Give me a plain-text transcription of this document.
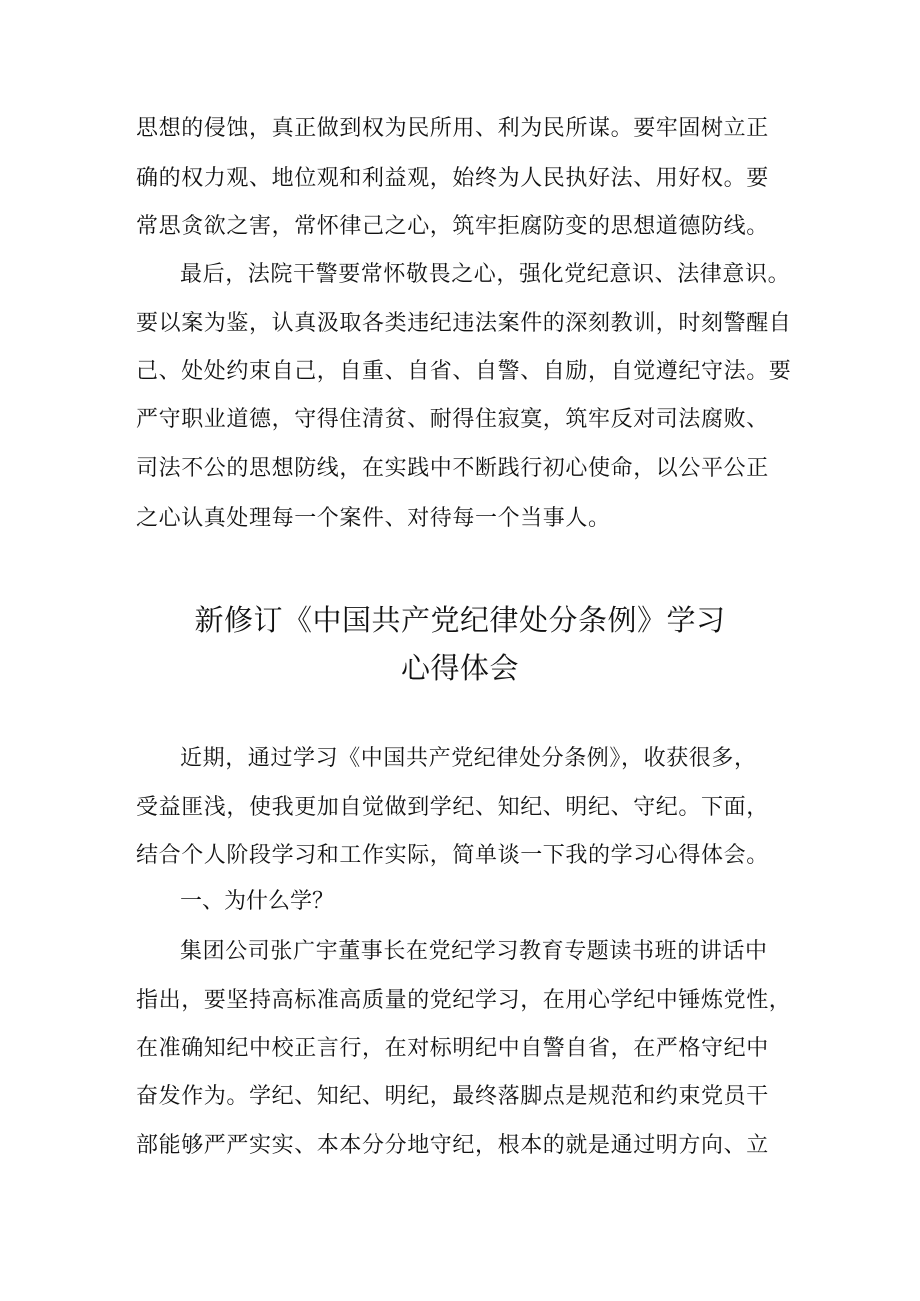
思想的侵蚀，真正做到权为民所用、利为民所谋。要牢固树立正
确的权力观、地位观和利益观，始终为人民执好法、用好权。要
常思贪欲之害，常怀律己之心，筑牢拒腐防变的思想道德防线。
最后，法院干警要常怀敬畏之心，强化党纪意识、法律意识。
要以案为鉴，认真汲取各类违纪违法案件的深刻教训，时刻警醒自
己、处处约束自己，自重、自省、自警、自励，自觉遵纪守法。要
严守职业道德，守得住清贫、耐得住寂寞，筑牢反对司法腐败、
司法不公的思想防线，在实践中不断践行初心使命，以公平公正
之心认真处理每一个案件、对待每一个当事人。
新修订《中国共产党纪律处分条例》学习
心得体会
近期，通过学习《中国共产党纪律处分条例》，收获很多，
受益匪浅，使我更加自觉做到学纪、知纪、明纪、守纪。下面，
结合个人阶段学习和工作实际，简单谈一下我的学习心得体会。
一、为什么学？
集团公司张广宇董事长在党纪学习教育专题读书班的讲话中
指出，要坚持高标准高质量的党纪学习，在用心学纪中锤炼党性，
在准确知纪中校正言行，在对标明纪中自警自省，在严格守纪中
奋发作为。学纪、知纪、明纪，最终落脚点是规范和约束党员干
部能够严严实实、本本分分地守纪，根本的就是通过明方向、立
